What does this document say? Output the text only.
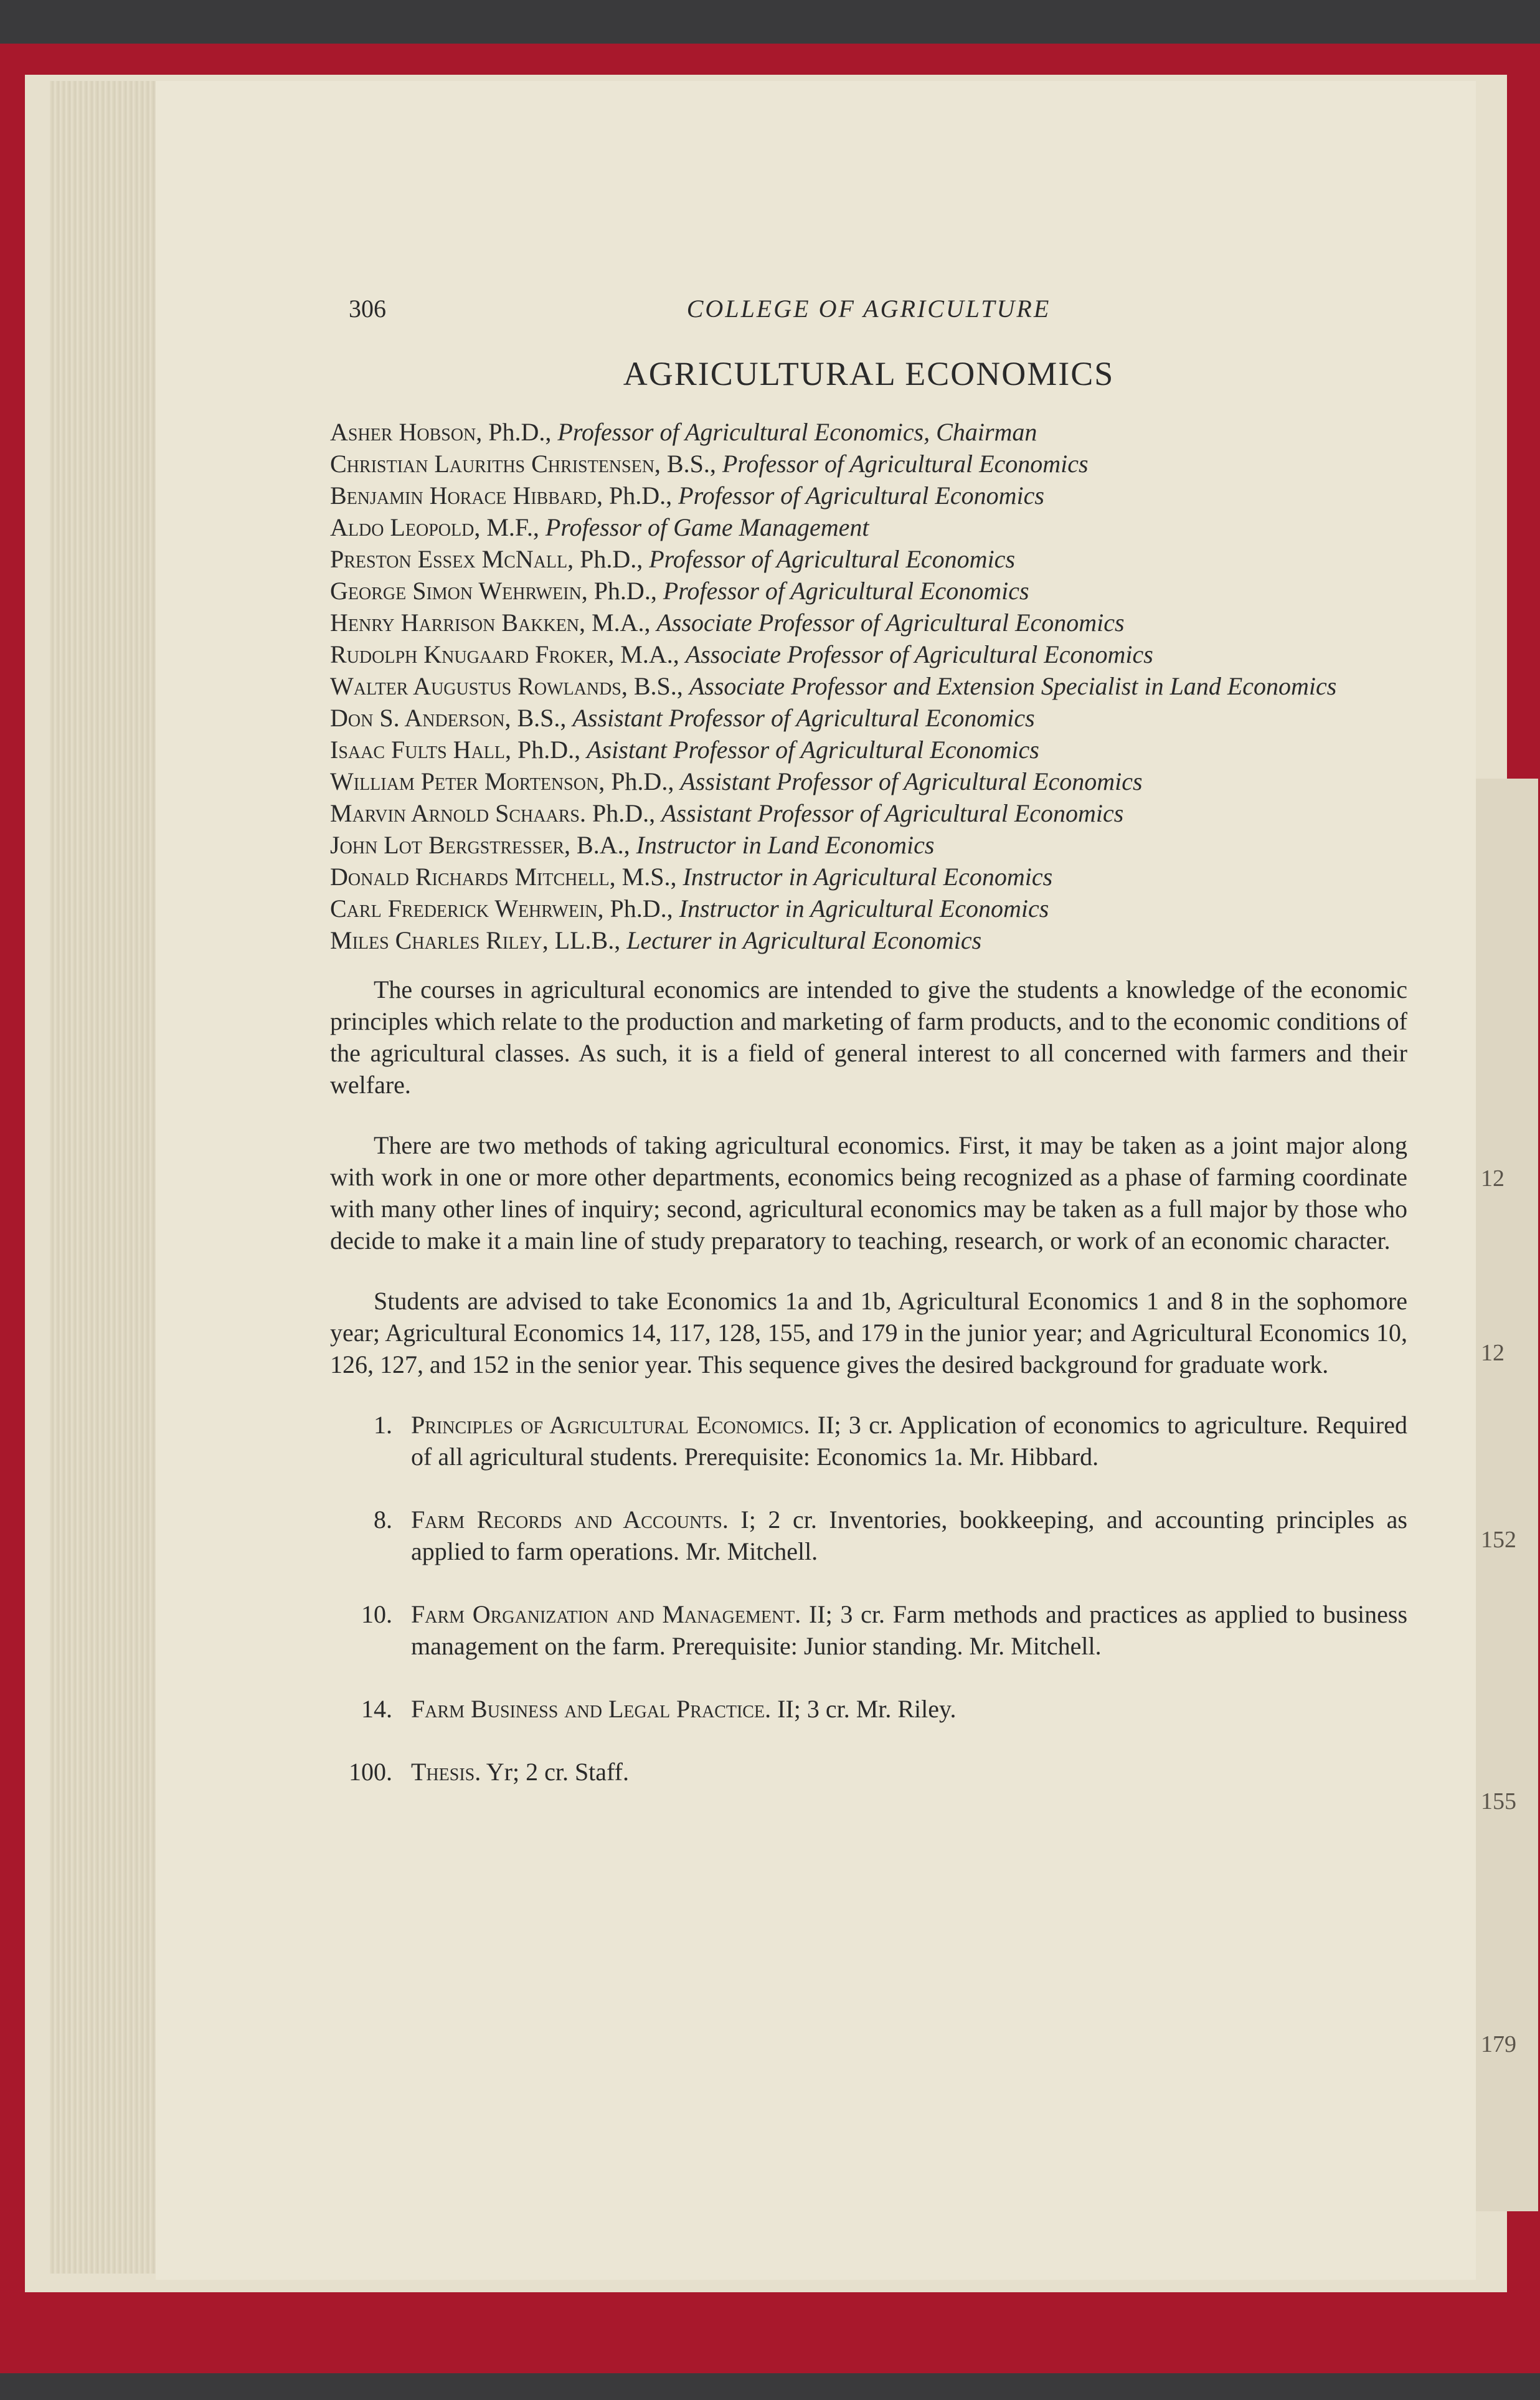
12
12
152
155
179
306	COLLEGE OF AGRICULTURE
AGRICULTURAL ECONOMICS
Asher Hobson, Ph.D., Professor of Agricultural Economics, Chairman
Christian Lauriths Christensen, B.S., Professor of Agricultural Economics
Benjamin Horace Hibbard, Ph.D., Professor of Agricultural Economics
Aldo Leopold, M.F., Professor of Game Management
Preston Essex McNall, Ph.D., Professor of Agricultural Economics
George Simon Wehrwein, Ph.D., Professor of Agricultural Economics
Henry Harrison Bakken, M.A., Associate Professor of Agricultural Economics
Rudolph Knugaard Froker, M.A., Associate Professor of Agricultural Economics
Walter Augustus Rowlands, B.S., Associate Professor and Extension Specialist in Land Economics
Don S. Anderson, B.S., Assistant Professor of Agricultural Economics
Isaac Fults Hall, Ph.D., Asistant Professor of Agricultural Economics
William Peter Mortenson, Ph.D., Assistant Professor of Agricultural Economics
Marvin Arnold Schaars. Ph.D., Assistant Professor of Agricultural Economics
John Lot Bergstresser, B.A., Instructor in Land Economics
Donald Richards Mitchell, M.S., Instructor in Agricultural Economics
Carl Frederick Wehrwein, Ph.D., Instructor in Agricultural Economics
Miles Charles Riley, LL.B., Lecturer in Agricultural Economics

The courses in agricultural economics are intended to give the students a knowledge of the economic principles which relate to the production and marketing of farm products, and to the economic conditions of the agricultural classes. As such, it is a field of general interest to all concerned with farmers and their welfare.

There are two methods of taking agricultural economics. First, it may be taken as a joint major along with work in one or more other departments, economics being recognized as a phase of farming coordinate with many other lines of inquiry; second, agricultural economics may be taken as a full major by those who decide to make it a main line of study preparatory to teaching, research, or work of an economic character.

Students are advised to take Economics 1a and 1b, Agricultural Economics 1 and 8 in the sophomore year; Agricultural Economics 14, 117, 128, 155, and 179 in the junior year; and Agricultural Economics 10, 126, 127, and 152 in the senior year. This sequence gives the desired background for graduate work.

1. Principles of Agricultural Economics. II; 3 cr. Application of economics to agriculture. Required of all agricultural students. Prerequisite: Economics 1a. Mr. Hibbard.

8. Farm Records and Accounts. I; 2 cr. Inventories, bookkeeping, and accounting principles as applied to farm operations. Mr. Mitchell.

10. Farm Organization and Management. II; 3 cr. Farm methods and practices as applied to business management on the farm. Prerequisite: Junior standing. Mr. Mitchell.

14. Farm Business and Legal Practice. II; 3 cr. Mr. Riley.

100. Thesis. Yr; 2 cr. Staff.
